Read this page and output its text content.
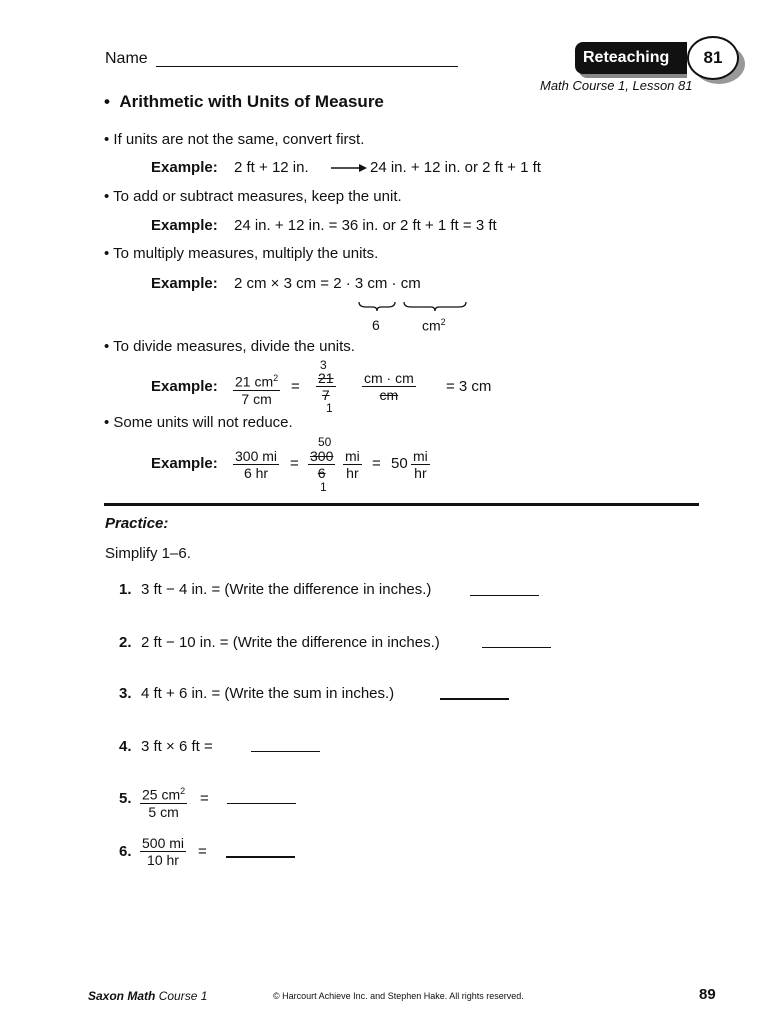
Name	Reteaching	81
Math Course 1, Lesson 81
•  Arithmetic with Units of Measure
• If units are not the same, convert first.
Example: 2 ft + 12 in.	24 in. + 12 in. or 2 ft + 1 ft
• To add or subtract measures, keep the unit.
Example: 24 in. + 12 in. = 36 in. or 2 ft + 1 ft = 3 ft
• To multiply measures, multiply the units.
Example: 2 cm × 3 cm = 2 · 3 cm · cm
6	$cm^2$
• To divide measures, divide the units.
Example: $\frac{21 cm^2}{7 cm}$ =
3
$\frac{21}{7}$
1
$\frac{cm \cdot cm}{cm} = 3$ cm
• Some units will not reduce.
Example: $\frac{300 mi}{6 hr}$ =
50
$\frac{300}{6}$
1
$\frac{mi}{hr} = 50 \frac{mi}{hr}$
Practice:
Simplify 1–6.
1. 3 ft − 4 in. = (Write the difference in inches.)
2. 2 ft − 10 in. = (Write the difference in inches.)
3. 4 ft + 6 in. = (Write the sum in inches.)
4. 3 ft × 6 ft =
5. $\frac{25 cm^2}{5 cm}$ =
6. $\frac{500 mi}{10 hr}$ =
Saxon Math Course 1	© Harcourt Achieve Inc. and Stephen Hake. All rights reserved.	89
